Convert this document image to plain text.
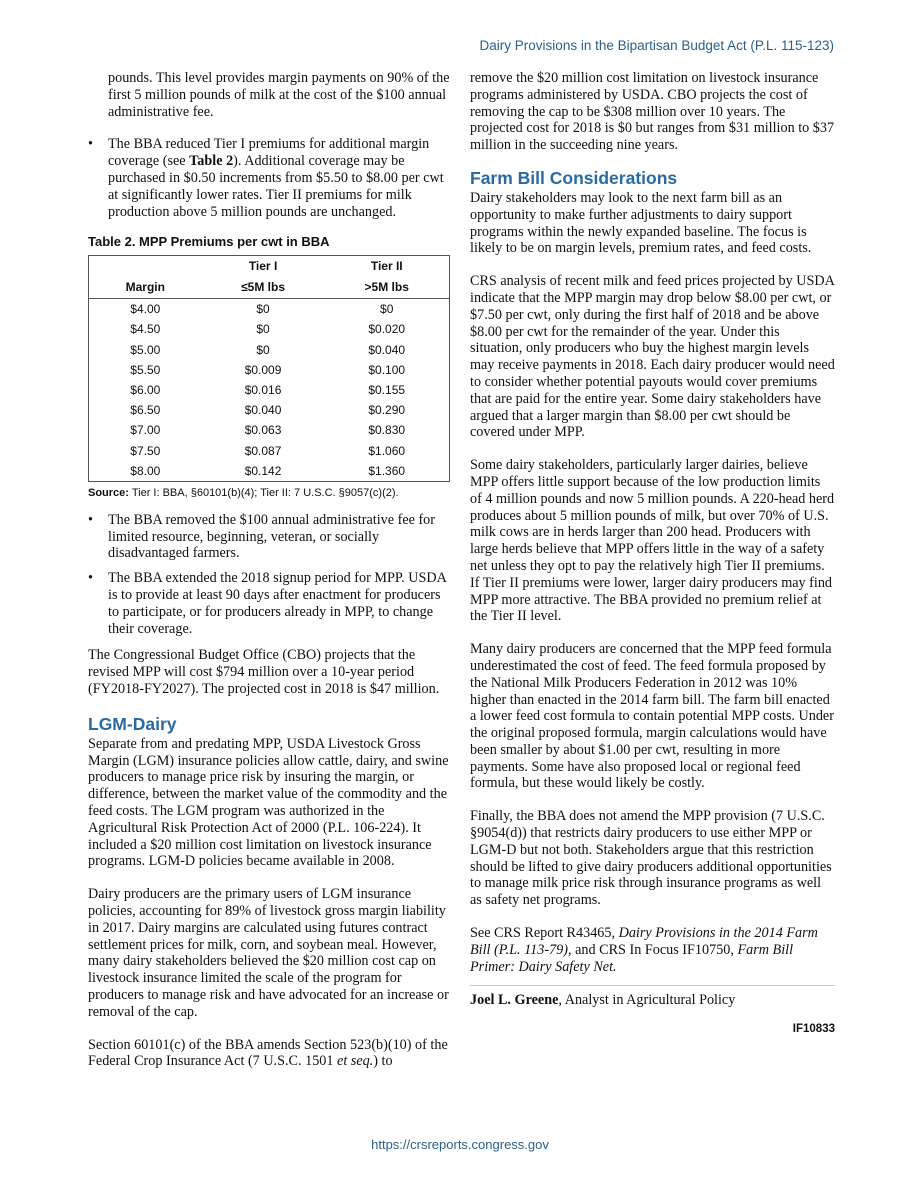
Dairy Provisions in the Bipartisan Budget Act (P.L. 115-123)

pounds. This level provides margin payments on 90% of the first 5 million pounds of milk at the cost of the $100 annual administrative fee.

• The BBA reduced Tier I premiums for additional margin coverage (see Table 2). Additional coverage may be purchased in $0.50 increments from $5.50 to $8.00 per cwt at significantly lower rates. Tier II premiums for milk production above 5 million pounds are unchanged.
Table 2. MPP Premiums per cwt in BBA
	Tier I	Tier II
Margin	≤5M lbs	>5M lbs
$4.00	$0	$0
$4.50	$0	$0.020
$5.00	$0	$0.040
$5.50	$0.009	$0.100
$6.00	$0.016	$0.155
$6.50	$0.040	$0.290
$7.00	$0.063	$0.830
$7.50	$0.087	$1.060
$8.00	$0.142	$1.360
Source: Tier I: BBA, §60101(b)(4); Tier II: 7 U.S.C. §9057(c)(2).
• The BBA removed the $100 annual administrative fee for limited resource, beginning, veteran, or socially disadvantaged farmers.
• The BBA extended the 2018 signup period for MPP. USDA is to provide at least 90 days after enactment for producers to participate, or for producers already in MPP, to change their coverage.

The Congressional Budget Office (CBO) projects that the revised MPP will cost $794 million over a 10-year period (FY2018-FY2027). The projected cost in 2018 is $47 million.

LGM-Dairy

Separate from and predating MPP, USDA Livestock Gross Margin (LGM) insurance policies allow cattle, dairy, and swine producers to manage price risk by insuring the margin, or difference, between the market value of the commodity and the feed costs. The LGM program was authorized in the Agricultural Risk Protection Act of 2000 (P.L. 106-224). It included a $20 million cost limitation on livestock insurance programs. LGM-D policies became available in 2008.

Dairy producers are the primary users of LGM insurance policies, accounting for 89% of livestock gross margin liability in 2017. Dairy margins are calculated using futures contract settlement prices for milk, corn, and soybean meal. However, many dairy stakeholders believed the $20 million cost cap on livestock insurance limited the scale of the program for producers to manage risk and have advocated for an increase or removal of the cap.

Section 60101(c) of the BBA amends Section 523(b)(10) of the Federal Crop Insurance Act (7 U.S.C. 1501 et seq.) to

remove the $20 million cost limitation on livestock insurance programs administered by USDA. CBO projects the cost of removing the cap to be $308 million over 10 years. The projected cost for 2018 is $0 but ranges from $31 million to $37 million in the succeeding nine years.

Farm Bill Considerations

Dairy stakeholders may look to the next farm bill as an opportunity to make further adjustments to dairy support programs within the newly expanded baseline. The focus is likely to be on margin levels, premium rates, and feed costs.

CRS analysis of recent milk and feed prices projected by USDA indicate that the MPP margin may drop below $8.00 per cwt, or $7.50 per cwt, only during the first half of 2018 and be above $8.00 per cwt for the remainder of the year. Under this situation, only producers who buy the highest margin levels may receive payments in 2018. Each dairy producer would need to consider whether potential payouts would cover premiums that are paid for the entire year. Some dairy stakeholders have argued that a larger margin than $8.00 per cwt should be covered under MPP.

Some dairy stakeholders, particularly larger dairies, believe MPP offers little support because of the low production limits of 4 million pounds and now 5 million pounds. A 220-head herd produces about 5 million pounds of milk, but over 70% of U.S. milk cows are in herds larger than 200 head. Producers with large herds believe that MPP offers little in the way of a safety net unless they opt to pay the relatively high Tier II premiums. If Tier II premiums were lower, larger dairy producers may find MPP more attractive. The BBA provided no premium relief at the Tier II level.

Many dairy producers are concerned that the MPP feed formula underestimated the cost of feed. The feed formula proposed by the National Milk Producers Federation in 2012 was 10% higher than enacted in the 2014 farm bill. The farm bill enacted a lower feed cost formula to contain potential MPP costs. Under the original proposed formula, margin calculations would have been smaller by about $1.00 per cwt, resulting in more payments. Some have also proposed local or regional feed formula, but these would likely be costly.

Finally, the BBA does not amend the MPP provision (7 U.S.C. §9054(d)) that restricts dairy producers to use either MPP or LGM-D but not both. Stakeholders argue that this restriction should be lifted to give dairy producers additional opportunities to manage milk price risk through insurance programs as well as safety net programs.

See CRS Report R43465, Dairy Provisions in the 2014 Farm Bill (P.L. 113-79), and CRS In Focus IF10750, Farm Bill Primer: Dairy Safety Net.

Joel L. Greene, Analyst in Agricultural Policy

IF10833
https://crsreports.congress.gov
